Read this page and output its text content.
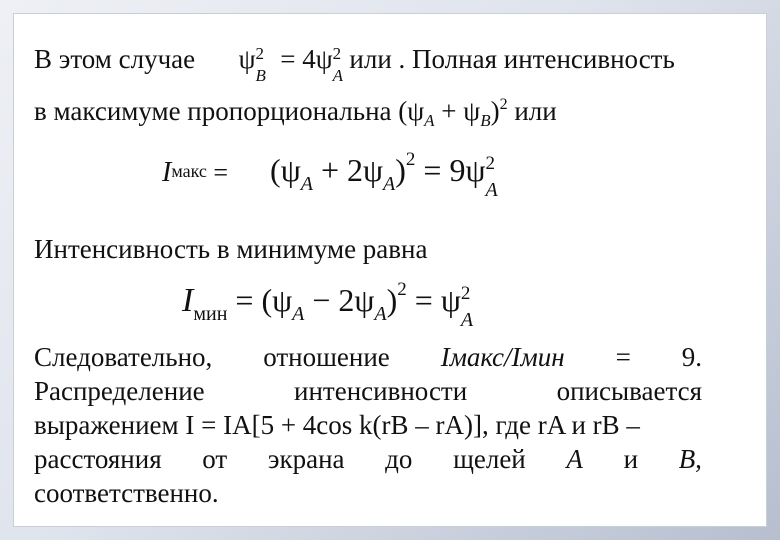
В этом случае ψ 2
B
= 4ψ 2
A
или . Полная интенсивность
в максимуме пропорциональна $(\psi_A + \psi_B)^2$ или
Iмакс = $(\psi_A + 2\psi_A)^2 = 9\psi$ 2
A
Интенсивность в минимуме равна
$I_{мин} = (\psi_A - 2\psi_A)^2 = \psi$ 2
A
Следовательно, отношение Iмакс/Iмин = 9.
Распределение	интенсивности	описывается
выражением I = IA[5 + 4cos k(rB – rA)], где rA и rB –
расстояния от экрана до щелей A и B,
соответственно.
